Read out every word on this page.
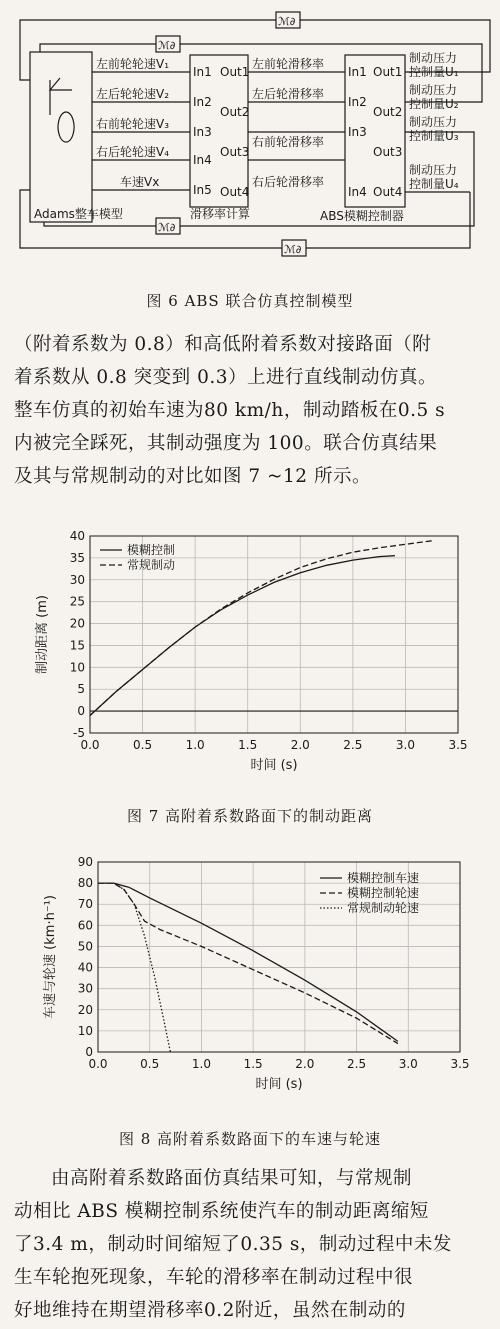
ℳ∂
ℳ∂
ℳ∂
ℳ∂
左前轮轮速V₁
左后轮轮速V₂
右前轮轮速V₃
右后轮轮速V₄
车速Vx
In1
In2
In3
In4
In5
Out1
Out2
Out3
Out4
左前轮滑移率
左后轮滑移率
右前轮滑移率
右后轮滑移率
In1
In2
In3
In4
Out1
Out2
Out3
Out4
制动压力
控制量U₁
制动压力
控制量U₂
制动压力
控制量U₃
制动压力
控制量U₄
Adams整车模型	滑移率计算	ABS模糊控制器
图 6 ABS 联合仿真控制模型

（附着系数为 0.8）和高低附着系数对接路面（附

着系数从 0.8 突变到 0.3）上进行直线制动仿真。

整车仿真的初始车速为80 km/h，制动踏板在0.5 s

内被完全踩死，其制动强度为 100。联合仿真结果

及其与常规制动的对比如图 7 ~12 所示。

0.0	0.5	1.0	1.5	2.0	2.5	3.0	3.5
-5
0
5
10
15
20
25
30
35
40
模糊控制
常规制动
时间 (s)
制动距离 (m)
图 7 高附着系数路面下的制动距离
0.0	0.5	1.0	1.5	2.0	2.5	3.0	3.5
0
10
20
30
40
50
60
70
80
90
模糊控制车速
模糊控制轮速
常规制动轮速
时间 (s)
车速与轮速 (km·h⁻¹)
图 8 高附着系数路面下的车速与轮速

由高附着系数路面仿真结果可知，与常规制

动相比 ABS 模糊控制系统使汽车的制动距离缩短

了3.4 m，制动时间缩短了0.35 s，制动过程中未发

生车轮抱死现象，车轮的滑移率在制动过程中很

好地维持在期望滑移率0.2附近，虽然在制动的
